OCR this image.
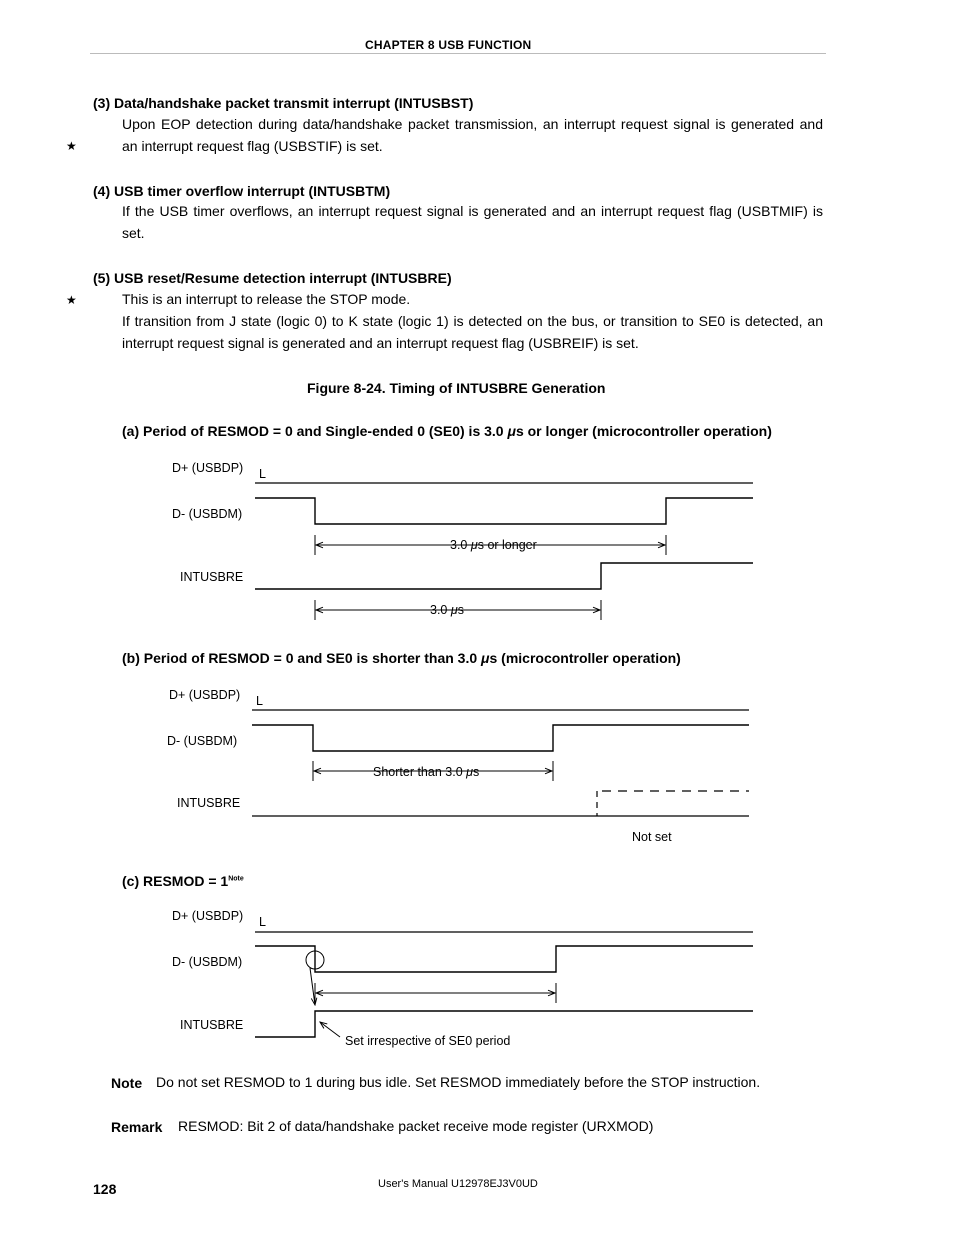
CHAPTER 8 USB FUNCTION
(3) Data/handshake packet transmit interrupt (INTUSBST)
Upon EOP detection during data/handshake packet transmission, an interrupt request signal is generated and
★	an interrupt request flag (USBSTIF) is set.
(4) USB timer overflow interrupt (INTUSBTM)
If the USB timer overflows, an interrupt request signal is generated and an interrupt request flag (USBTMIF) is
set.
(5) USB reset/Resume detection interrupt (INTUSBRE)
★	This is an interrupt to release the STOP mode.
If transition from J state (logic 0) to K state (logic 1) is detected on the bus, or transition to SE0 is detected, an
interrupt request signal is generated and an interrupt request flag (USBREIF) is set.
Figure 8-24. Timing of INTUSBRE Generation
(a) Period of RESMOD = 0 and Single-ended 0 (SE0) is 3.0 μs or longer (microcontroller operation)
D+ (USBDP) L
D- (USBDM)
INTUSBRE
3.0 μs or longer
3.0 μs
(b) Period of RESMOD = 0 and SE0 is shorter than 3.0 μs (microcontroller operation)
D+ (USBDP) L
D- (USBDM)
INTUSBRE
Shorter than 3.0 μs
Not set
(c) RESMOD = $1^{Note}$
D+ (USBDP) L
D- (USBDM)
INTUSBRE
Set irrespective of SE0 period
Note Do not set RESMOD to 1 during bus idle. Set RESMOD immediately before the STOP instruction.
Remark RESMOD: Bit 2 of data/handshake packet receive mode register (URXMOD)
128	User's Manual U12978EJ3V0UD
